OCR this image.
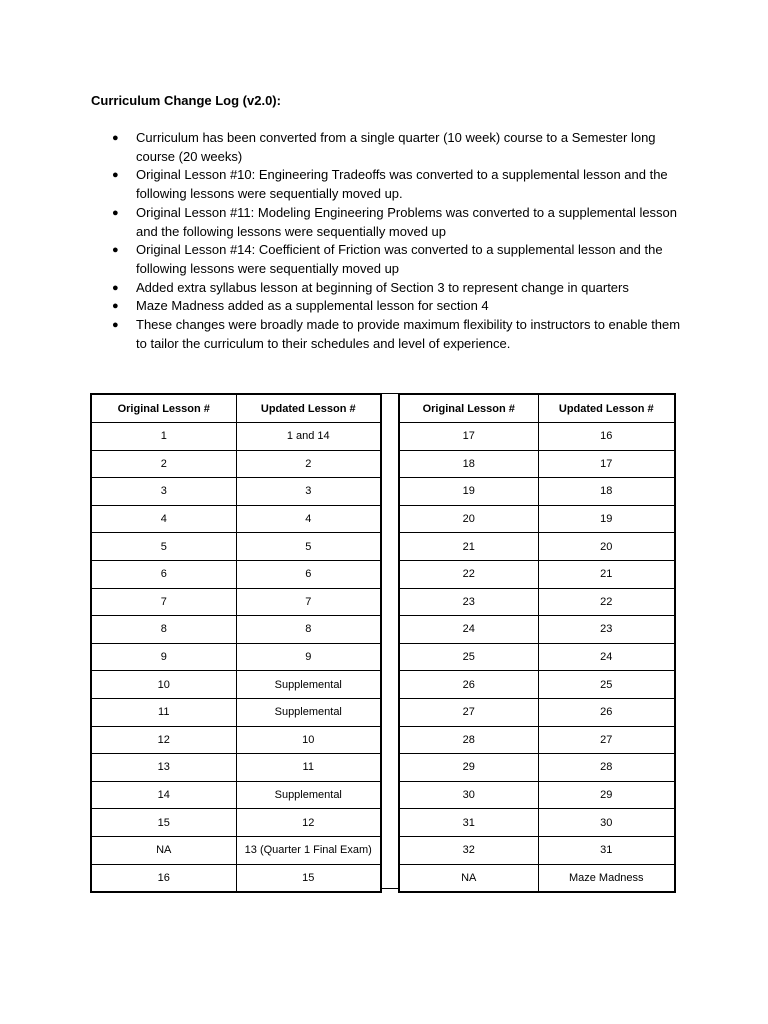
Curriculum Change Log (v2.0):
● Curriculum has been converted from a single quarter (10 week) course to a Semester long course (20 weeks)
● Original Lesson #10: Engineering Tradeoffs was converted to a supplemental lesson and the following lessons were sequentially moved up.
● Original Lesson #11: Modeling Engineering Problems was converted to a supplemental lesson and the following lessons were sequentially moved up
● Original Lesson #14: Coefficient of Friction was converted to a supplemental lesson and the following lessons were sequentially moved up
● Added extra syllabus lesson at beginning of Section 3 to represent change in quarters
● Maze Madness added as a supplemental lesson for section 4
● These changes were broadly made to provide maximum flexibility to instructors to enable them to tailor the curriculum to their schedules and level of experience.
Original Lesson #	Updated Lesson #
1	1 and 14
2	2
3	3
4	4
5	5
6	6
7	7
8	8
9	9
10	Supplemental
11	Supplemental
12	10
13	11
14	Supplemental
15	12
NA	13 (Quarter 1 Final Exam)
16	15
Original Lesson #	Updated Lesson #
17	16
18	17
19	18
20	19
21	20
22	21
23	22
24	23
25	24
26	25
27	26
28	27
29	28
30	29
31	30
32	31
NA	Maze Madness
